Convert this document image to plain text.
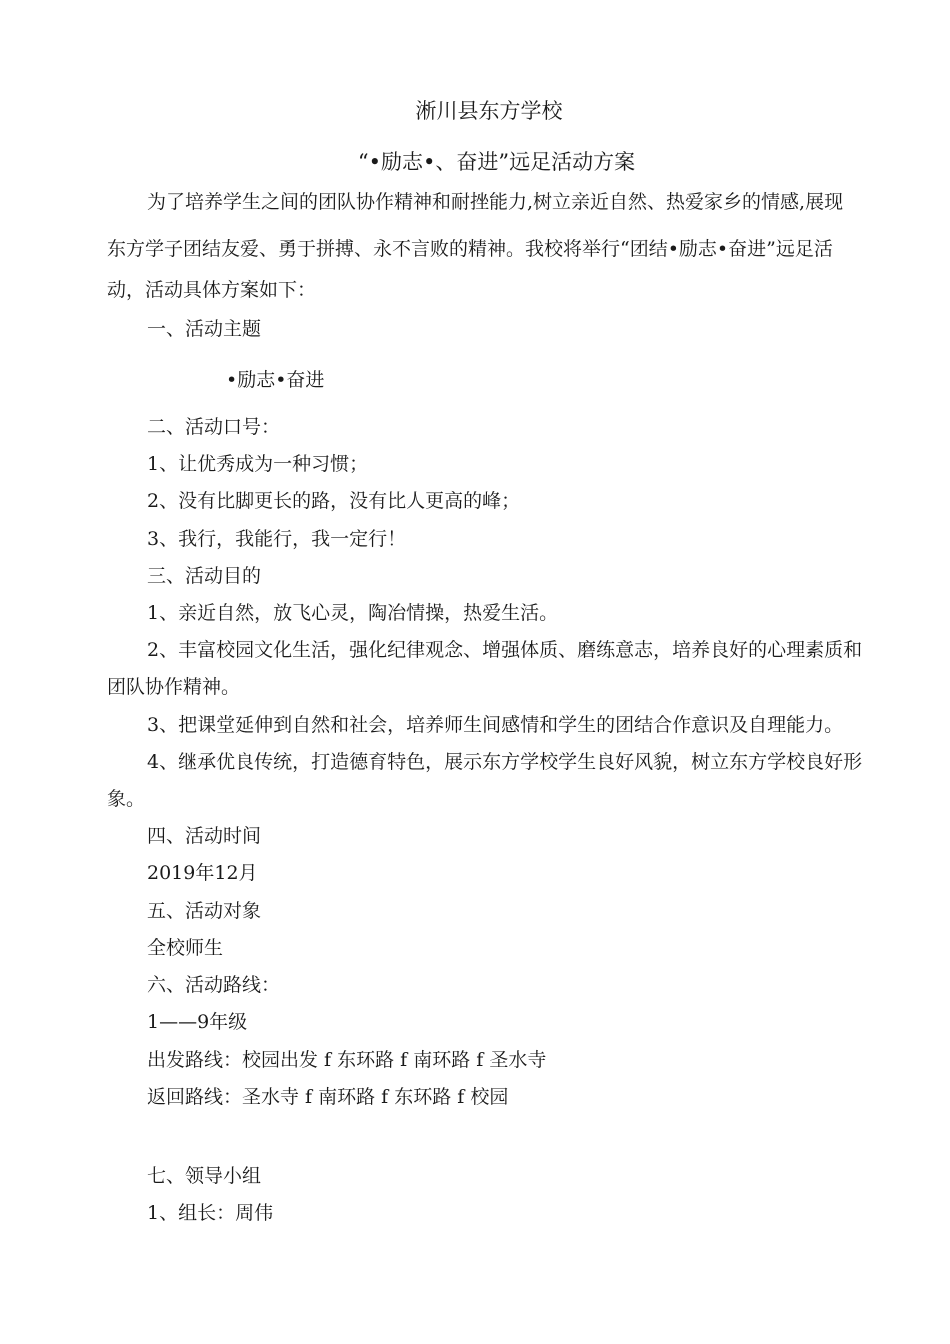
淅川县东方学校
“•励志•、奋进”远足活动方案
为了培养学生之间的团队协作精神和耐挫能力,树立亲近自然、热爱家乡的情感,展现
东方学子团结友爱、勇于拼搏、永不言败的精神。我校将举行“团结•励志•奋进”远足活
动，活动具体方案如下：
一、活动主题
•励志•奋进
二、活动口号：
1、让优秀成为一种习惯；
2、没有比脚更长的路，没有比人更高的峰；
3、我行，我能行，我一定行！
三、活动目的
1、亲近自然，放飞心灵，陶冶情操，热爱生活。
2、丰富校园文化生活，强化纪律观念、增强体质、磨练意志，培养良好的心理素质和
团队协作精神。
3、把课堂延伸到自然和社会，培养师生间感情和学生的团结合作意识及自理能力。
4、继承优良传统，打造德育特色，展示东方学校学生良好风貌，树立东方学校良好形
象。
四、活动时间
2019年12月
五、活动对象
全校师生
六、活动路线：
1——9年级
出发路线：校园出发 f 东环路 f 南环路 f 圣水寺
返回路线：圣水寺 f 南环路 f 东环路 f 校园
七、领导小组
1、组长：周伟
